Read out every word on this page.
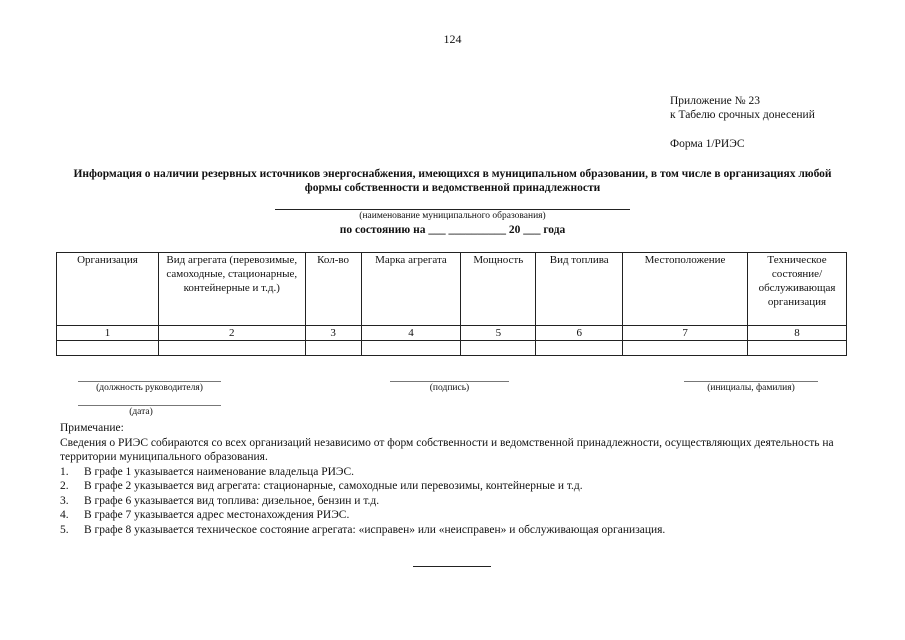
124
Приложение № 23
к Табелю срочных донесений
Форма 1/РИЭС
Информация о наличии резервных источников энергоснабжения, имеющихся в муниципальном образовании, в том числе в организациях любой формы собственности и ведомственной принадлежности
(наименование муниципального образования)
по состоянию на ___ __________ 20 ___ года
Организация	Вид агрегата (перевозимые, самоходные, стационарные, контейнерные и т.д.)	Кол-во	Марка агрегата	Мощность	Вид топлива	Местоположение	Техническое состояние/ обслуживающая организация
1	2	3	4	5	6	7	8

(должность руководителя)	(подпись)	(инициалы, фамилия)
(дата)
Примечание:
Сведения о РИЭС собираются со всех организаций независимо от форм собственности и ведомственной принадлежности, осуществляющих деятельность на территории муниципального образования.
1.	В графе 1 указывается наименование владельца РИЭС.
2.	В графе 2 указывается вид агрегата: стационарные, самоходные или перевозимы, контейнерные и т.д.
3.	В графе 6 указывается вид топлива: дизельное, бензин и т.д.
4.	В графе 7 указывается адрес местонахождения РИЭС.
5.	В графе 8 указывается техническое состояние агрегата: «исправен» или «неисправен» и обслуживающая организация.
